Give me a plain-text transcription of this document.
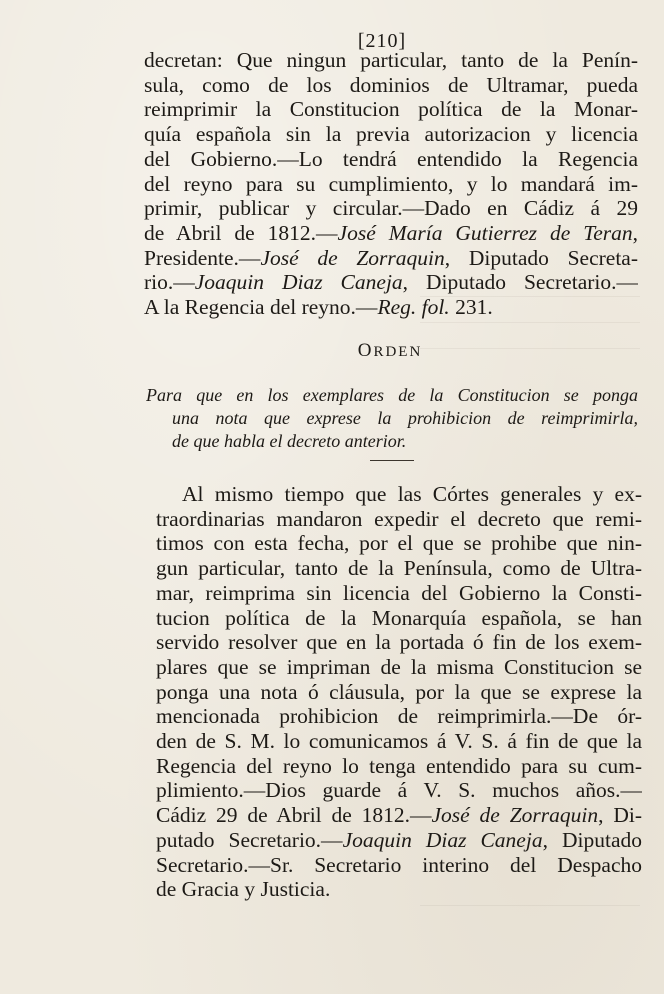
[210]
decretan: Que ningun particular, tanto de la Penín-
sula, como de los dominios de Ultramar, pueda
reimprimir la Constitucion política de la Monar-
quía española sin la previa autorizacion y licencia
del Gobierno.—Lo tendrá entendido la Regencia
del reyno para su cumplimiento, y lo mandará im-
primir, publicar y circular.—Dado en Cádiz á 29
de Abril de 1812.—José María Gutierrez de Teran,
Presidente.—José de Zorraquin, Diputado Secreta-
rio.—Joaquin Diaz Caneja, Diputado Secretario.—
A la Regencia del reyno.—Reg. fol. 231.
ORDEN
Para que en los exemplares de la Constitucion se ponga
una nota que exprese la prohibicion de reimprimirla,
de que habla el decreto anterior.
Al mismo tiempo que las Córtes generales y ex-
traordinarias mandaron expedir el decreto que remi-
timos con esta fecha, por el que se prohibe que nin-
gun particular, tanto de la Península, como de Ultra-
mar, reimprima sin licencia del Gobierno la Consti-
tucion política de la Monarquía española, se han
servido resolver que en la portada ó fin de los exem-
plares que se impriman de la misma Constitucion se
ponga una nota ó cláusula, por la que se exprese la
mencionada prohibicion de reimprimirla.—De ór-
den de S. M. lo comunicamos á V. S. á fin de que la
Regencia del reyno lo tenga entendido para su cum-
plimiento.—Dios guarde á V. S. muchos años.—
Cádiz 29 de Abril de 1812.—José de Zorraquin, Di-
putado Secretario.—Joaquin Diaz Caneja, Diputado
Secretario.—Sr. Secretario interino del Despacho
de Gracia y Justicia.
